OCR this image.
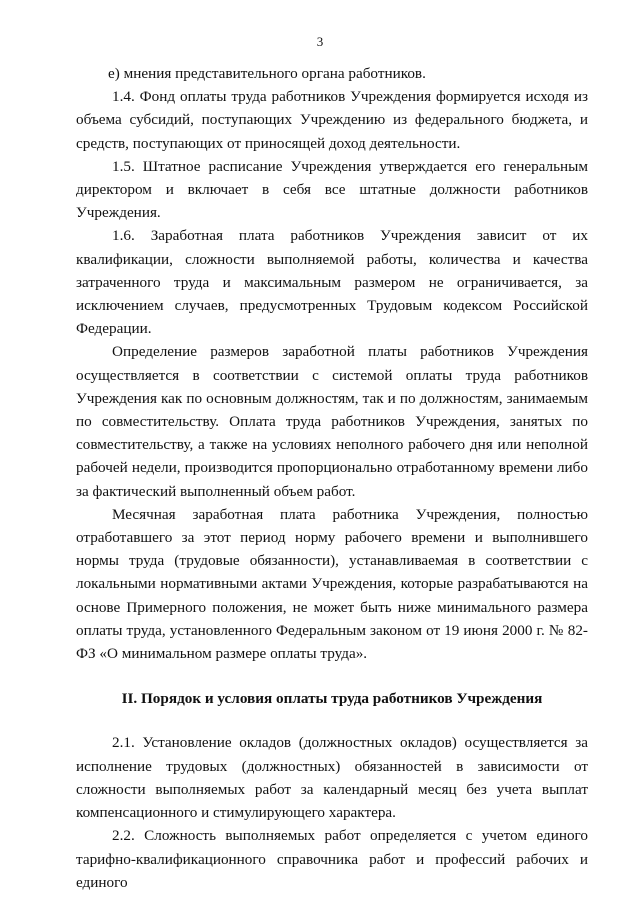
3

е) мнения представительного органа работников.

1.4. Фонд оплаты труда работников Учреждения формируется исходя из объема субсидий, поступающих Учреждению из федерального бюджета, и средств, поступающих от приносящей доход деятельности.

1.5. Штатное расписание Учреждения утверждается его генеральным директором и включает в себя все штатные должности работников Учреждения.

1.6. Заработная плата работников Учреждения зависит от их квалификации, сложности выполняемой работы, количества и качества затраченного труда и максимальным размером не ограничивается, за исключением случаев, предусмотренных Трудовым кодексом Российской Федерации.

Определение размеров заработной платы работников Учреждения осуществляется в соответствии с системой оплаты труда работников Учреждения как по основным должностям, так и по должностям, занимаемым по совместительству. Оплата труда работников Учреждения, занятых по совместительству, а также на условиях неполного рабочего дня или неполной рабочей недели, производится пропорционально отработанному времени либо за фактический выполненный объем работ.

Месячная заработная плата работника Учреждения, полностью отработавшего за этот период норму рабочего времени и выполнившего нормы труда (трудовые обязанности), устанавливаемая в соответствии с локальными нормативными актами Учреждения, которые разрабатываются на основе Примерного положения, не может быть ниже минимального размера оплаты труда, установленного Федеральным законом от 19 июня 2000 г. № 82-ФЗ «О минимальном размере оплаты труда».

II. Порядок и условия оплаты труда работников Учреждения

2.1. Установление окладов (должностных окладов) осуществляется за исполнение трудовых (должностных) обязанностей в зависимости от сложности выполняемых работ за календарный месяц без учета выплат компенсационного и стимулирующего характера.

2.2. Сложность выполняемых работ определяется с учетом единого тарифно-квалификационного справочника работ и профессий рабочих и единого
